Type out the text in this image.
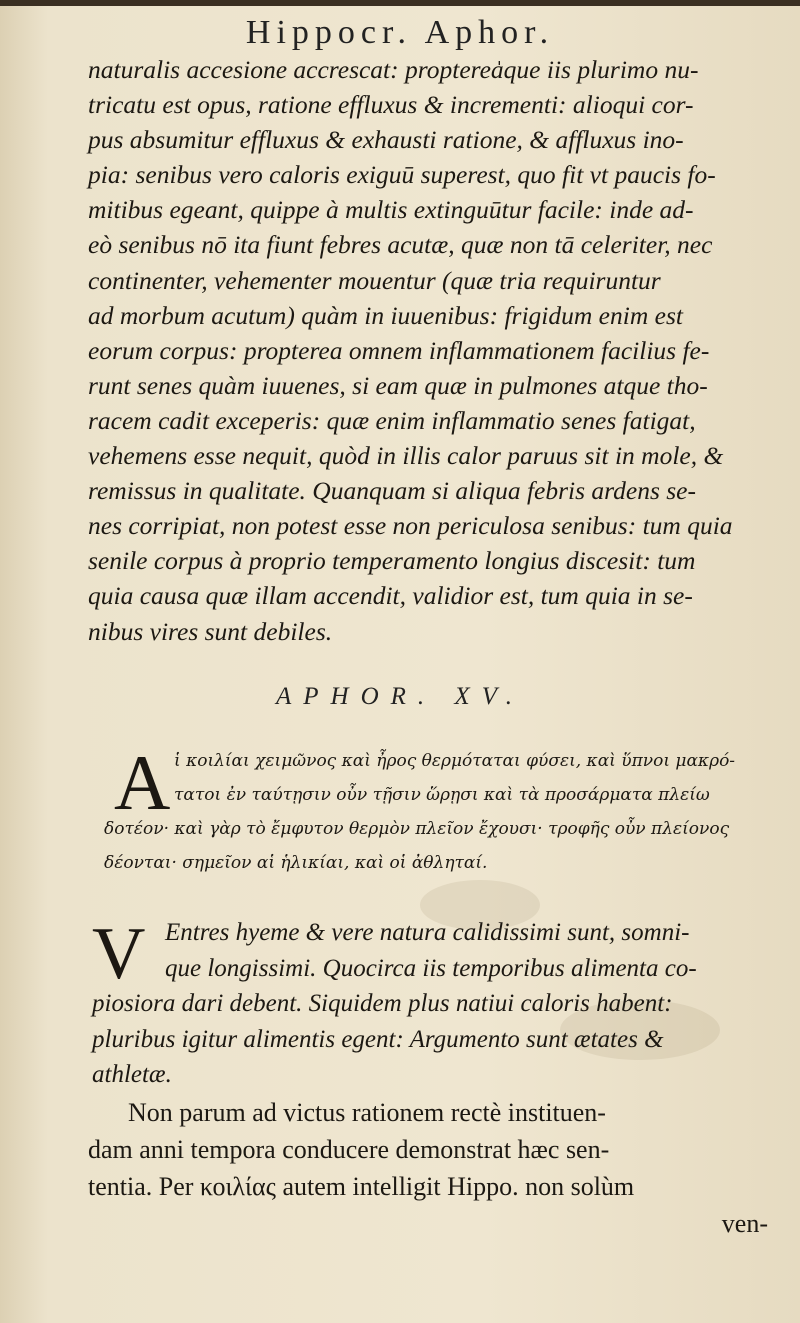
Hippocr. Aphor.
naturalis accesione accrescat: propterea̍que iis plurimo nu-
tricatu est opus, ratione effluxus & incrementi: alioqui cor-
pus absumitur effluxus & exhausti ratione, & affluxus ino-
pia: senibus vero caloris exiguū superest, quo fit vt paucis fo-
mitibus egeant, quippe à multis extinguūtur facile: inde ad-
eò senibus nō ita fiunt febres acutæ, quæ non tā celeriter, nec
continenter, vehementer mouentur (quæ tria requiruntur
ad morbum acutum) quàm in iuuenibus: frigidum enim est
eorum corpus: propterea omnem inflammationem facilius fe-
runt senes quàm iuuenes, si eam quæ in pulmones atque tho-
racem cadit exceperis: quæ enim inflammatio senes fatigat,
vehemens esse nequit, quòd in illis calor paruus sit in mole, &
remissus in qualitate. Quanquam si aliqua febris ardens se-
nes corripiat, non potest esse non periculosa senibus: tum quia
senile corpus à proprio temperamento longius discesit: tum
quia causa quæ illam accendit, validior est, tum quia in se-
nibus vires sunt debiles.
APHOR. XV.
A ἱ κοιλίαι χειμῶνος καὶ ἦρος θερμόταται φύσει, καὶ ὕπνοι μακρό-
τατοι ἐν ταύτῃσιν οὖν τῇσιν ὥρῃσι καὶ τὰ προσάρματα πλείω
δοτέον· καὶ γὰρ τὸ ἔμφυτον θερμὸν πλεῖον ἔχουσι· τροφῆς οὖν πλείονος
δέονται· σημεῖον αἱ ἡλικίαι, καὶ οἱ ἀθληταί.
V Entres hyeme & vere natura calidissimi sunt, somni-
que longissimi. Quocirca iis temporibus alimenta co-
piosiora dari debent. Siquidem plus natiui caloris habent:
pluribus igitur alimentis egent: Argumento sunt ætates &
athletæ.
Non parum ad victus rationem rectè instituen-
dam anni tempora conducere demonstrat hæc sen-
tentia. Per κοιλίας autem intelligit Hippo. non solùm
ven-
